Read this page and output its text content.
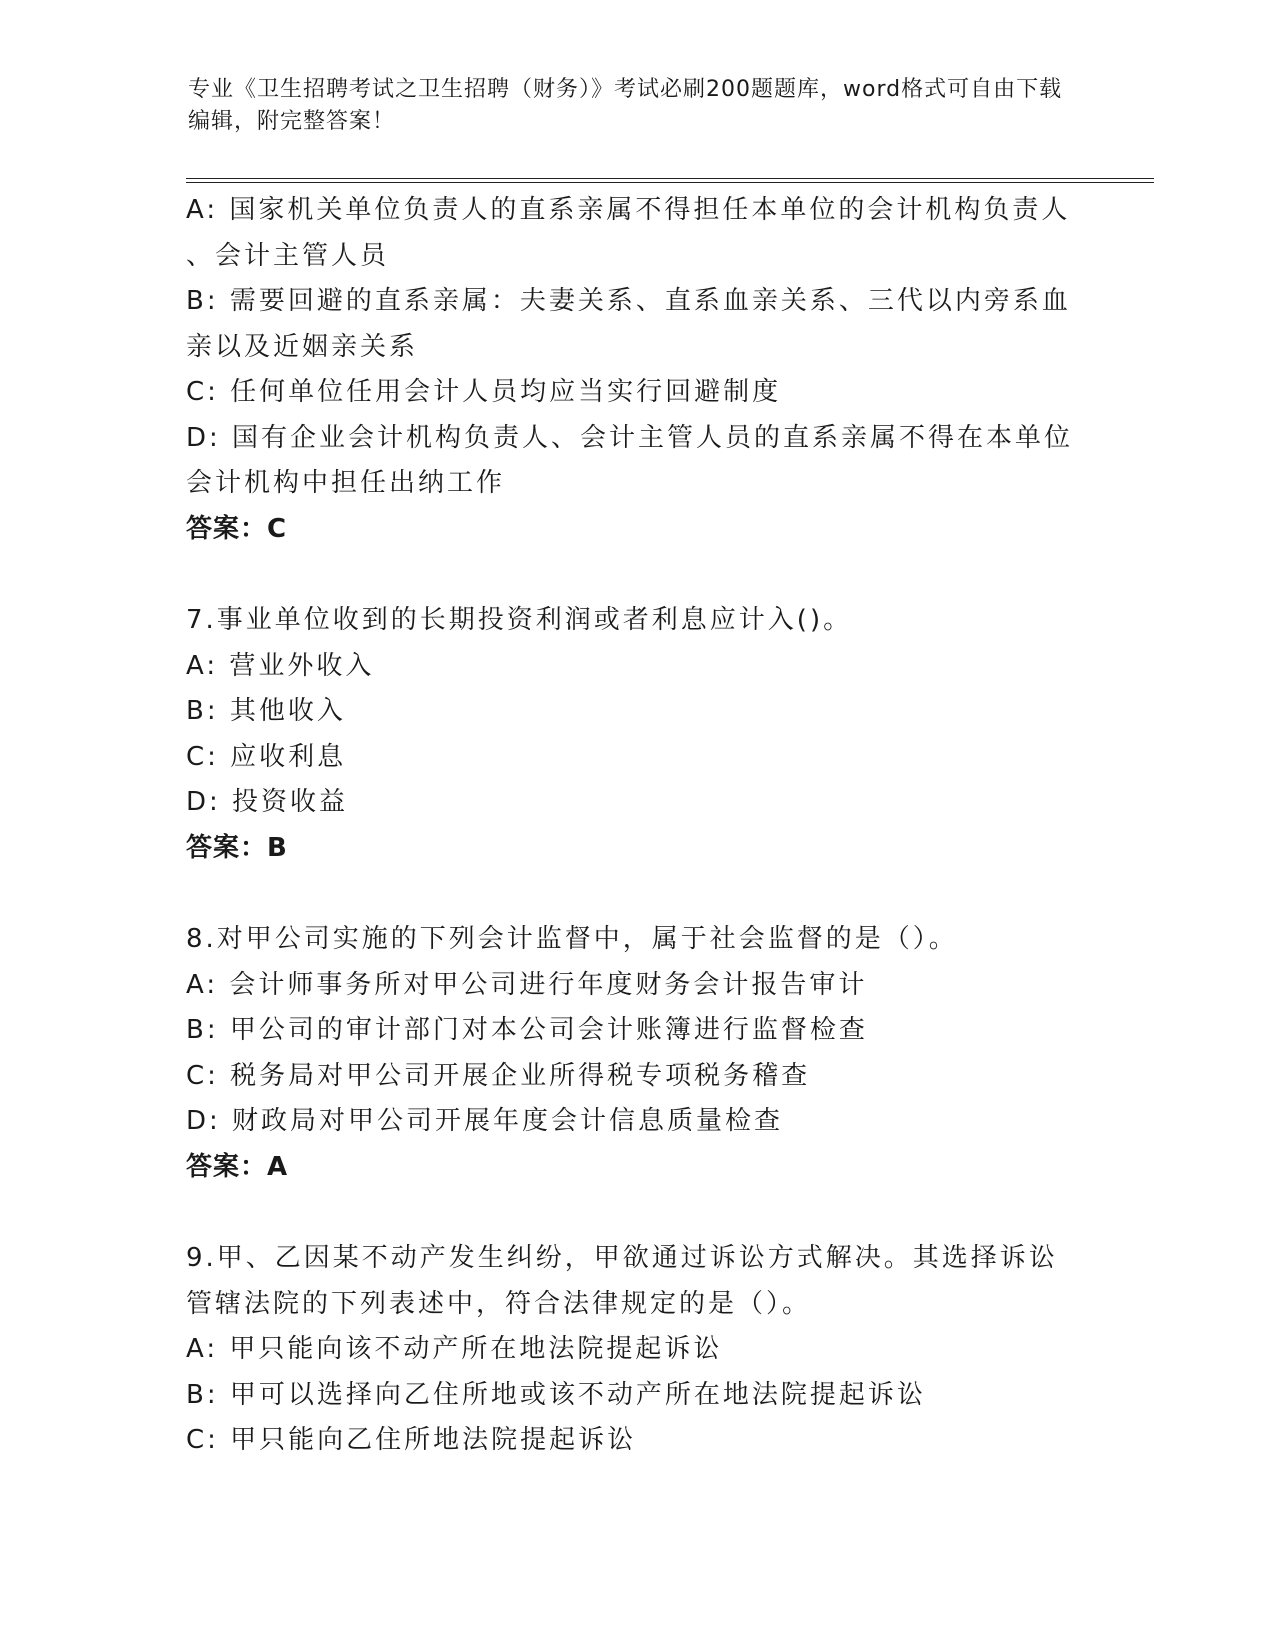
专业《卫生招聘考试之卫生招聘（财务）》考试必刷200题题库，word格式可自由下载编辑，附完整答案！

A: 国家机关单位负责人的直系亲属不得担任本单位的会计机构负责人
、会计主管人员
B: 需要回避的直系亲属：夫妻关系、直系血亲关系、三代以内旁系血
亲以及近姻亲关系
C: 任何单位任用会计人员均应当实行回避制度
D: 国有企业会计机构负责人、会计主管人员的直系亲属不得在本单位
会计机构中担任出纳工作
答案：C
7.事业单位收到的长期投资利润或者利息应计入()。
A: 营业外收入
B: 其他收入
C: 应收利息
D: 投资收益
答案：B
8.对甲公司实施的下列会计监督中，属于社会监督的是（）。
A: 会计师事务所对甲公司进行年度财务会计报告审计
B: 甲公司的审计部门对本公司会计账簿进行监督检查
C: 税务局对甲公司开展企业所得税专项税务稽查
D: 财政局对甲公司开展年度会计信息质量检查
答案：A
9.甲、乙因某不动产发生纠纷，甲欲通过诉讼方式解决。其选择诉讼
管辖法院的下列表述中，符合法律规定的是（）。
A: 甲只能向该不动产所在地法院提起诉讼
B: 甲可以选择向乙住所地或该不动产所在地法院提起诉讼
C: 甲只能向乙住所地法院提起诉讼
